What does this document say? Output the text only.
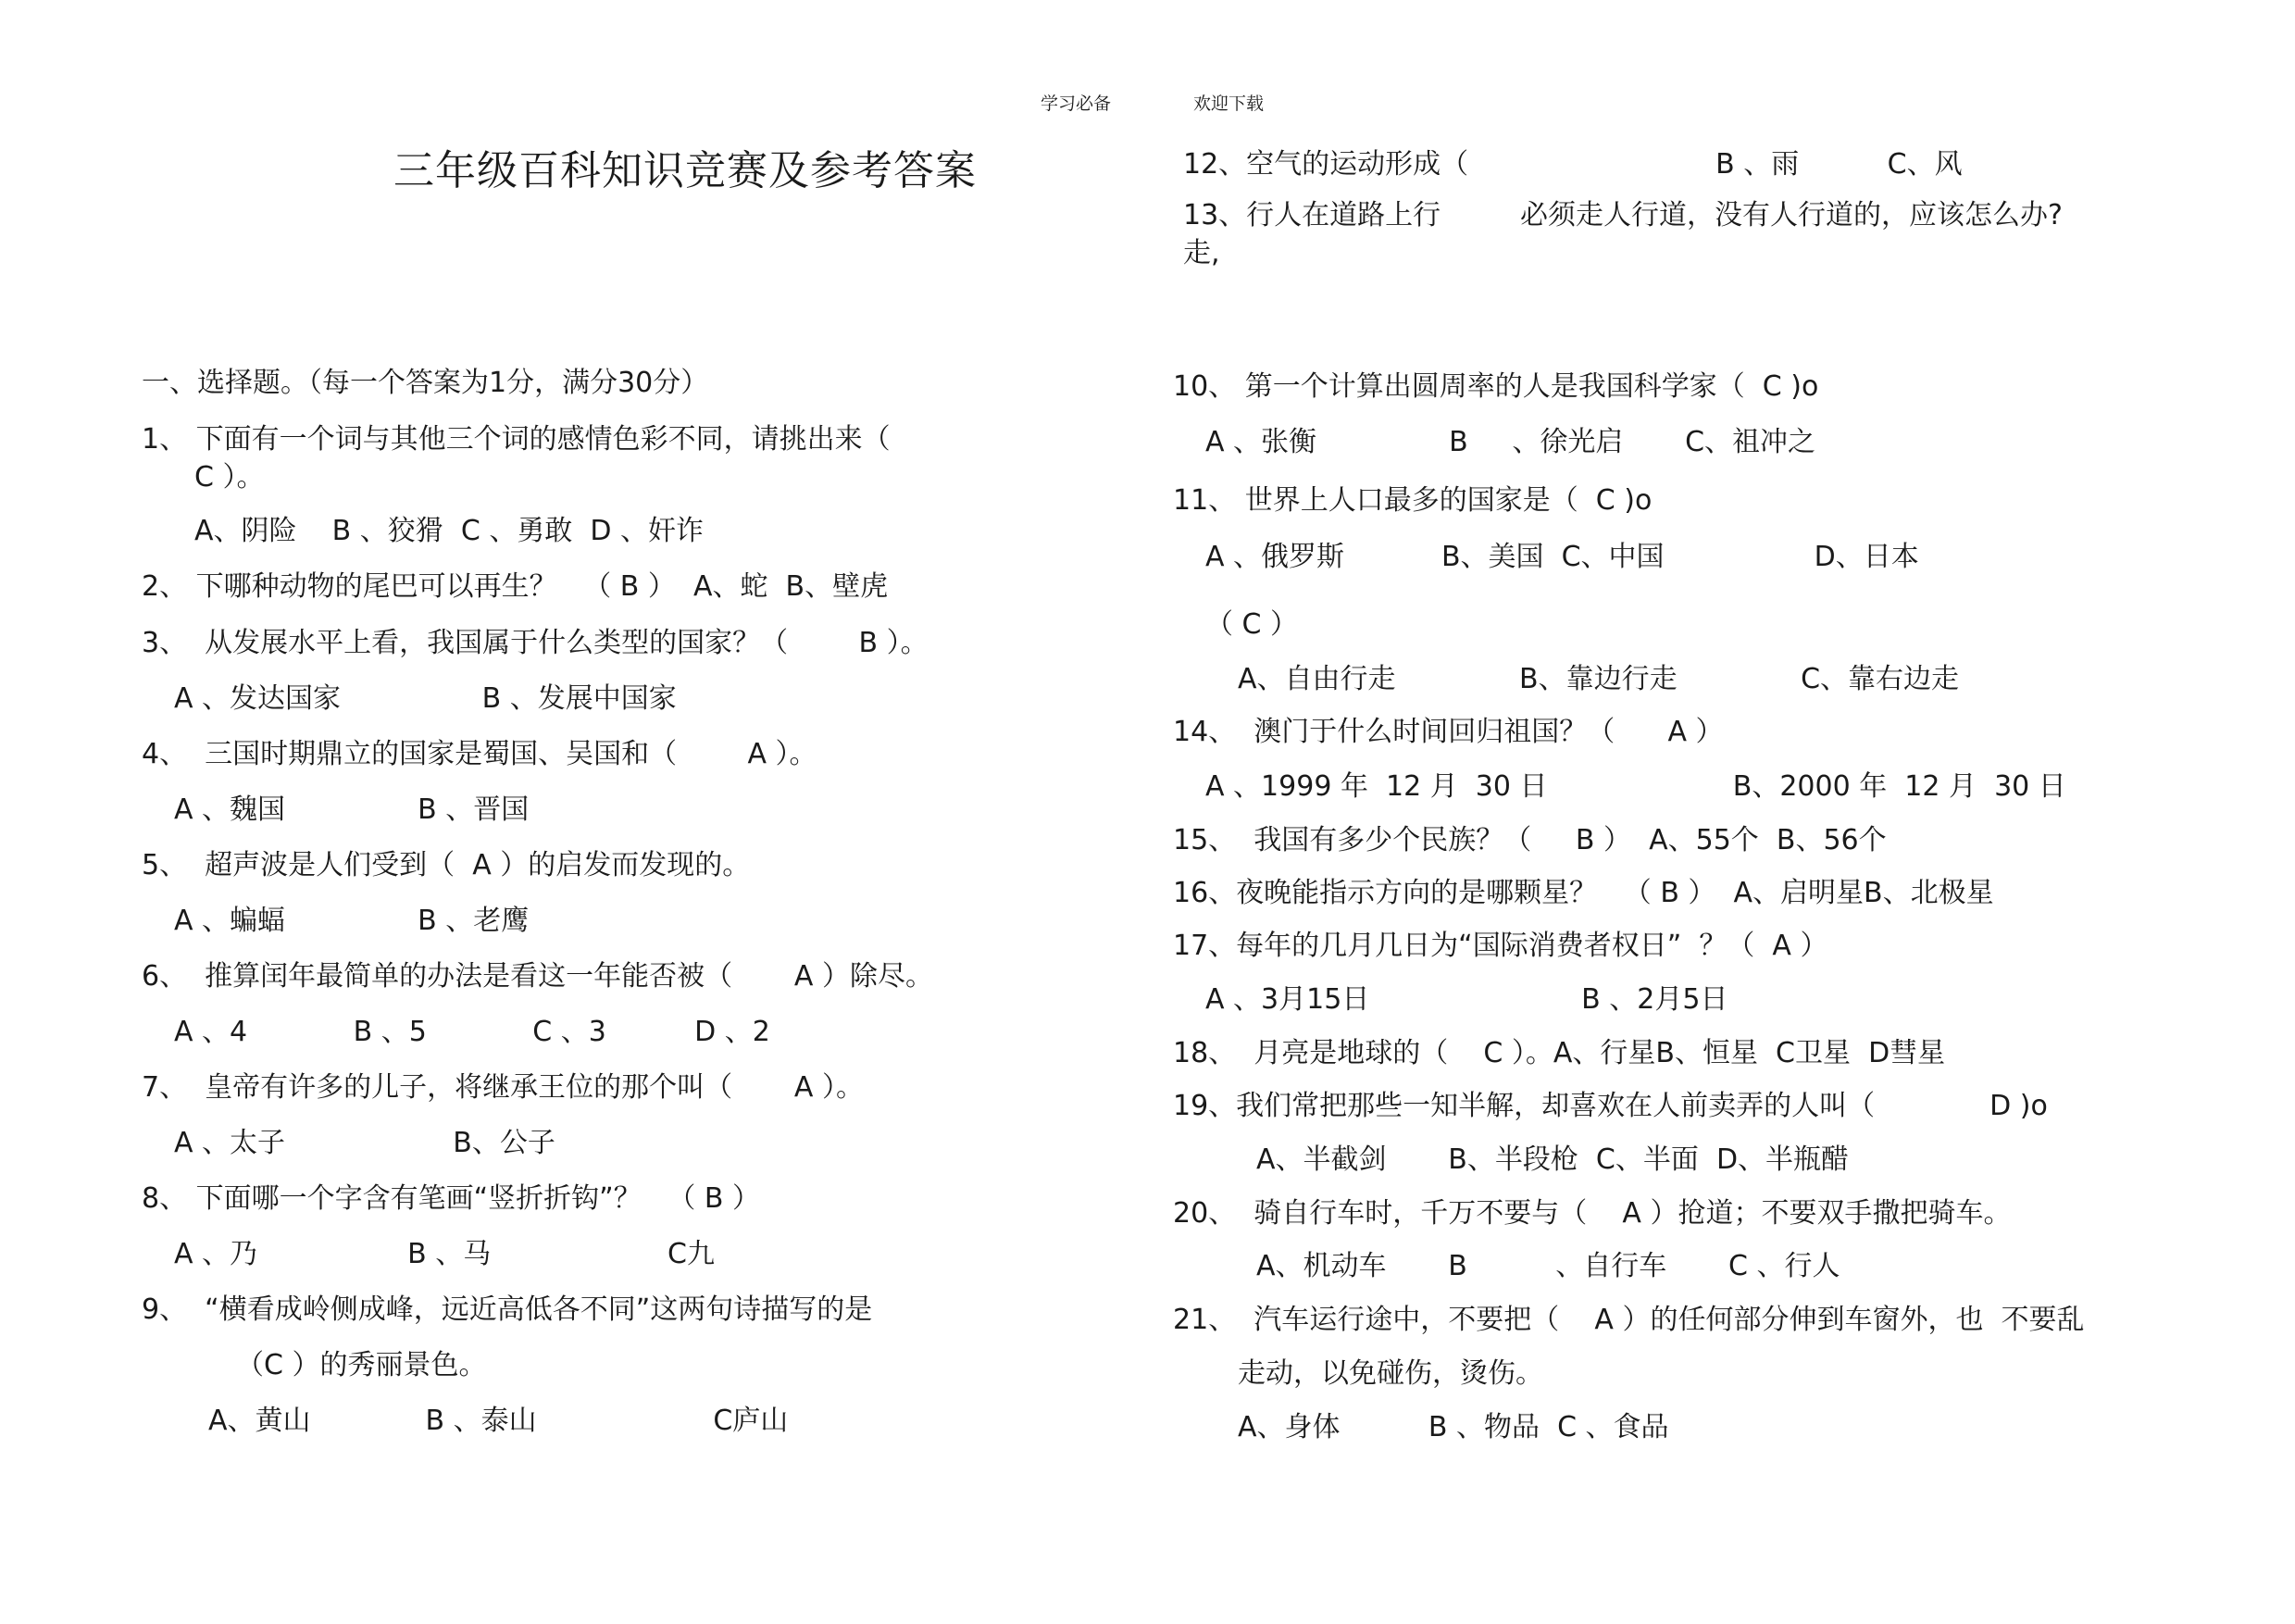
学习必备	欢迎下载
三年级百科知识竞赛及参考答案
一、选择题。（每一个答案为1分，满分30分）
1、 下面有一个词与其他三个词的感情色彩不同，请挑出来（
C ）。
A、阴险    B 、狡猾  C 、勇敢  D 、奸诈
2、 下哪种动物的尾巴可以再生？   （ B ）  A、蛇  B、壁虎
3、  从发展水平上看，我国属于什么类型的国家？（        B ）。
A 、发达国家                B 、发展中国家
4、  三国时期鼎立的国家是蜀国、吴国和（        A ）。
A 、魏国               B 、晋国
5、  超声波是人们受到（  A ）的启发而发现的。
A 、蝙蝠               B 、老鹰
6、  推算闰年最简单的办法是看这一年能否被（       A ）除尽。
A 、4            B 、5            C 、3          D 、2
7、  皇帝有许多的儿子，将继承王位的那个叫（       A ）。
A 、太子                   B、公子
8、 下面哪一个字含有笔画“竖折折钩”？   （ B ）
A 、乃                 B 、马                    C九
9、  “横看成岭侧成峰，远近高低各不同”这两句诗描写的是
（C ）的秀丽景色。
A、黄山             B 、泰山                    C庐山
12、空气的运动形成（                            B 、雨          C、风
13、行人在道路上行         必须走人行道，没有人行道的，应该怎么办?
走,
10、 第一个计算出圆周率的人是我国科学家（  C )o
A 、张衡               B     、徐光启       C、祖冲之
11、 世界上人口最多的国家是（  C )o
A 、俄罗斯           B、美国  C、中国                 D、日本
（ C ）
A、自由行走              B、靠边行走              C、靠右边走
14、  澳门于什么时间回归祖国？（      A ）
A 、1999 年  12 月  30 日                     B、2000 年  12 月  30 日
15、  我国有多少个民族？（     B ）  A、55个  B、56个
16、夜晚能指示方向的是哪颗星？   （ B ）  A、启明星B、北极星
17、每年的几月几日为“国际消费者权日”  ？（  A ）
A 、3月15日                        B 、2月5日
18、  月亮是地球的（    C ）。A、行星B、恒星  C卫星  D彗星
19、我们常把那些一知半解，却喜欢在人前卖弄的人叫（             D )o
A、半截剑       B、半段枪  C、半面  D、半瓶醋
20、  骑自行车时，千万不要与（    A ）抢道；不要双手撒把骑车。
A、机动车       B          、自行车       C 、行人
21、  汽车运行途中，不要把（    A ）的任何部分伸到车窗外，也  不要乱
走动，以免碰伤，烫伤。
A、身体          B 、物品  C 、食品
